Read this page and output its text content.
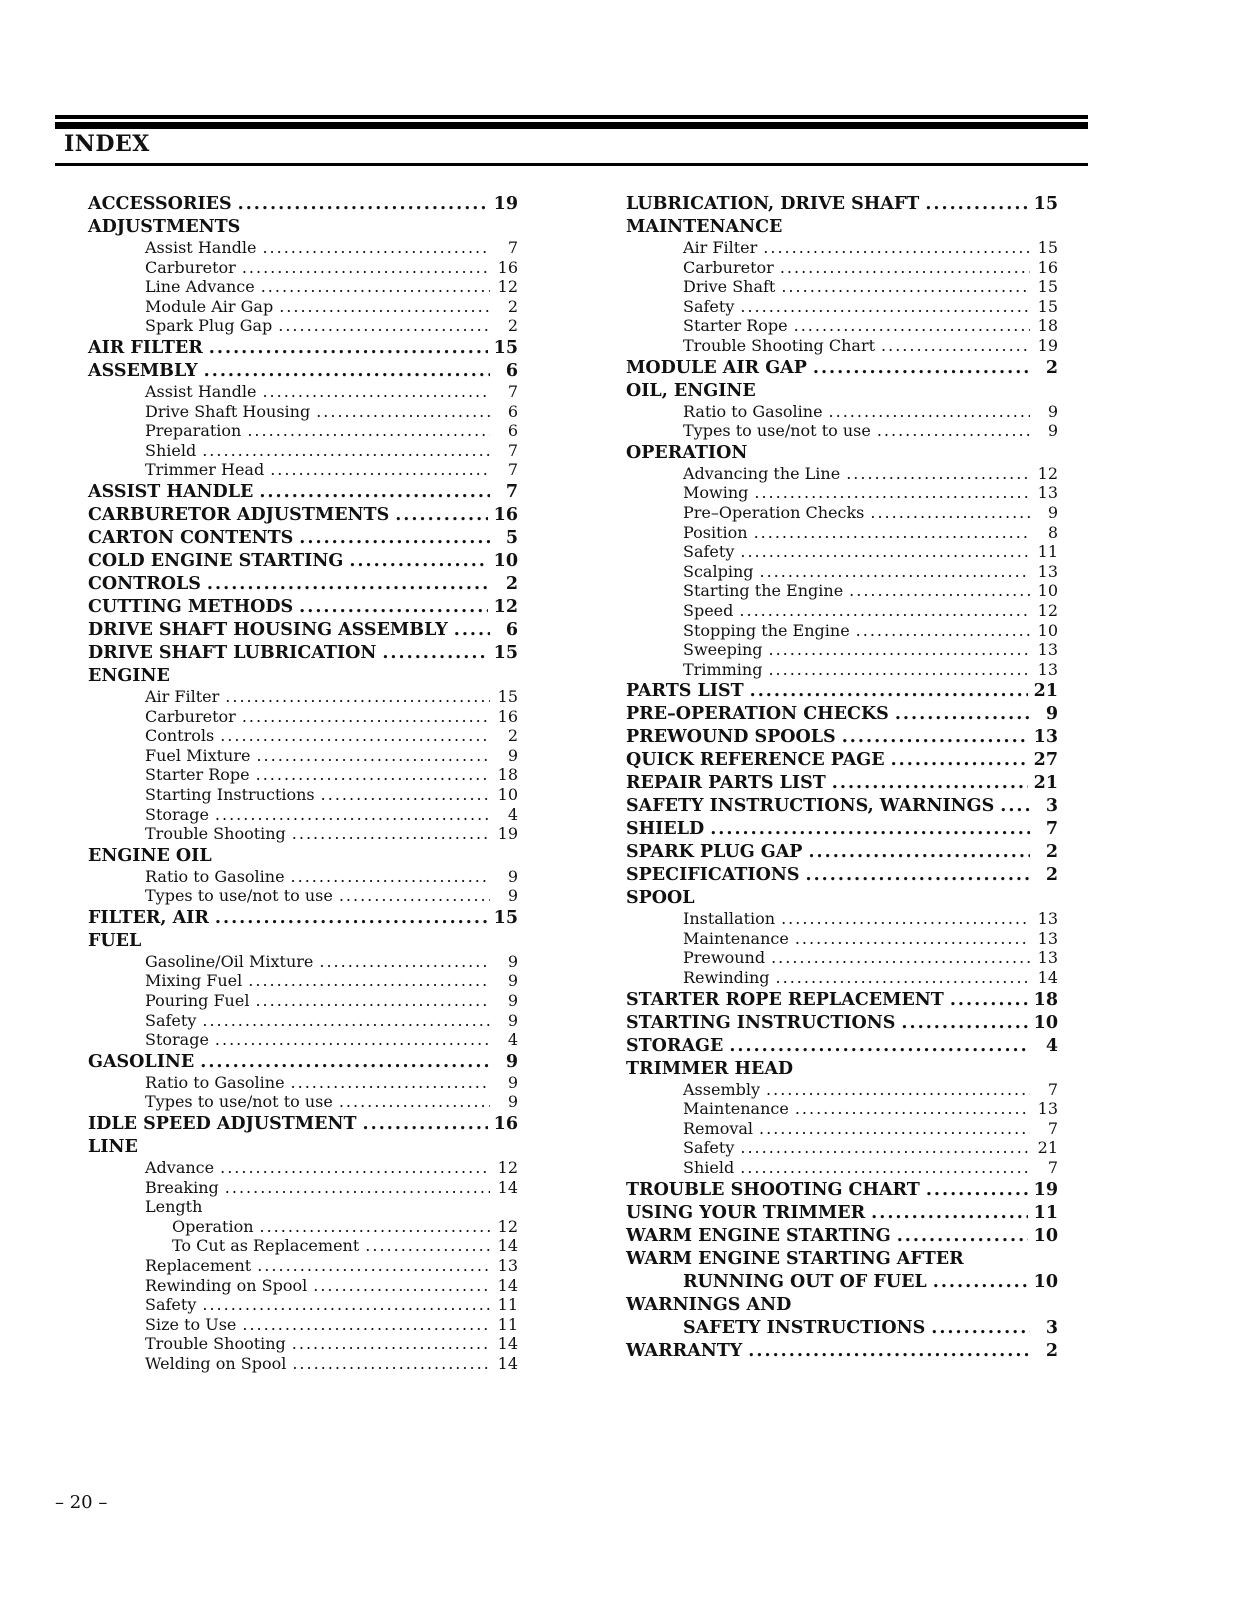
INDEX
ACCESSORIES .....	19
ADJUSTMENTS
Assist Handle .....	7
Carburetor .....	16
Line Advance .....	12
Module Air Gap .....	2
Spark Plug Gap .....	2
AIR FILTER .....	15
ASSEMBLY .....	6
Assist Handle .....	7
Drive Shaft Housing .....	6
Preparation .....	6
Shield .....	7
Trimmer Head .....	7
ASSIST HANDLE .....	7
CARBURETOR ADJUSTMENTS .....	16
CARTON CONTENTS .....	5
COLD ENGINE STARTING .....	10
CONTROLS .....	2
CUTTING METHODS .....	12
DRIVE SHAFT HOUSING ASSEMBLY .....	6
DRIVE SHAFT LUBRICATION .....	15
ENGINE
Air Filter .....	15
Carburetor .....	16
Controls .....	2
Fuel Mixture .....	9
Starter Rope .....	18
Starting Instructions .....	10
Storage .....	4
Trouble Shooting .....	19
ENGINE OIL
Ratio to Gasoline .....	9
Types to use/not to use .....	9
FILTER, AIR .....	15
FUEL
Gasoline/Oil Mixture .....	9
Mixing Fuel .....	9
Pouring Fuel .....	9
Safety .....	9
Storage .....	4
GASOLINE .....	9
Ratio to Gasoline .....	9
Types to use/not to use .....	9
IDLE SPEED ADJUSTMENT .....	16
LINE
Advance .....	12
Breaking .....	14
Length
Operation .....	12
To Cut as Replacement .....	14
Replacement .....	13
Rewinding on Spool .....	14
Safety .....	11
Size to Use .....	11
Trouble Shooting .....	14
Welding on Spool .....	14
LUBRICATION, DRIVE SHAFT .....	15
MAINTENANCE
Air Filter .....	15
Carburetor .....	16
Drive Shaft .....	15
Safety .....	15
Starter Rope .....	18
Trouble Shooting Chart .....	19
MODULE AIR GAP .....	2
OIL, ENGINE
Ratio to Gasoline .....	9
Types to use/not to use .....	9
OPERATION
Advancing the Line .....	12
Mowing .....	13
Pre–Operation Checks .....	9
Position .....	8
Safety .....	11
Scalping .....	13
Starting the Engine .....	10
Speed .....	12
Stopping the Engine .....	10
Sweeping .....	13
Trimming .....	13
PARTS LIST .....	21
PRE–OPERATION CHECKS .....	9
PREWOUND SPOOLS .....	13
QUICK REFERENCE PAGE .....	27
REPAIR PARTS LIST .....	21
SAFETY INSTRUCTIONS, WARNINGS .....	3
SHIELD .....	7
SPARK PLUG GAP .....	2
SPECIFICATIONS .....	2
SPOOL
Installation .....	13
Maintenance .....	13
Prewound .....	13
Rewinding .....	14
STARTER ROPE REPLACEMENT .....	18
STARTING INSTRUCTIONS .....	10
STORAGE .....	4
TRIMMER HEAD
Assembly .....	7
Maintenance .....	13
Removal .....	7
Safety .....	21
Shield .....	7
TROUBLE SHOOTING CHART .....	19
USING YOUR TRIMMER .....	11
WARM ENGINE STARTING .....	10
WARM ENGINE STARTING AFTER
RUNNING OUT OF FUEL .....	10
WARNINGS AND
SAFETY INSTRUCTIONS .....	3
WARRANTY .....	2
– 20 –
